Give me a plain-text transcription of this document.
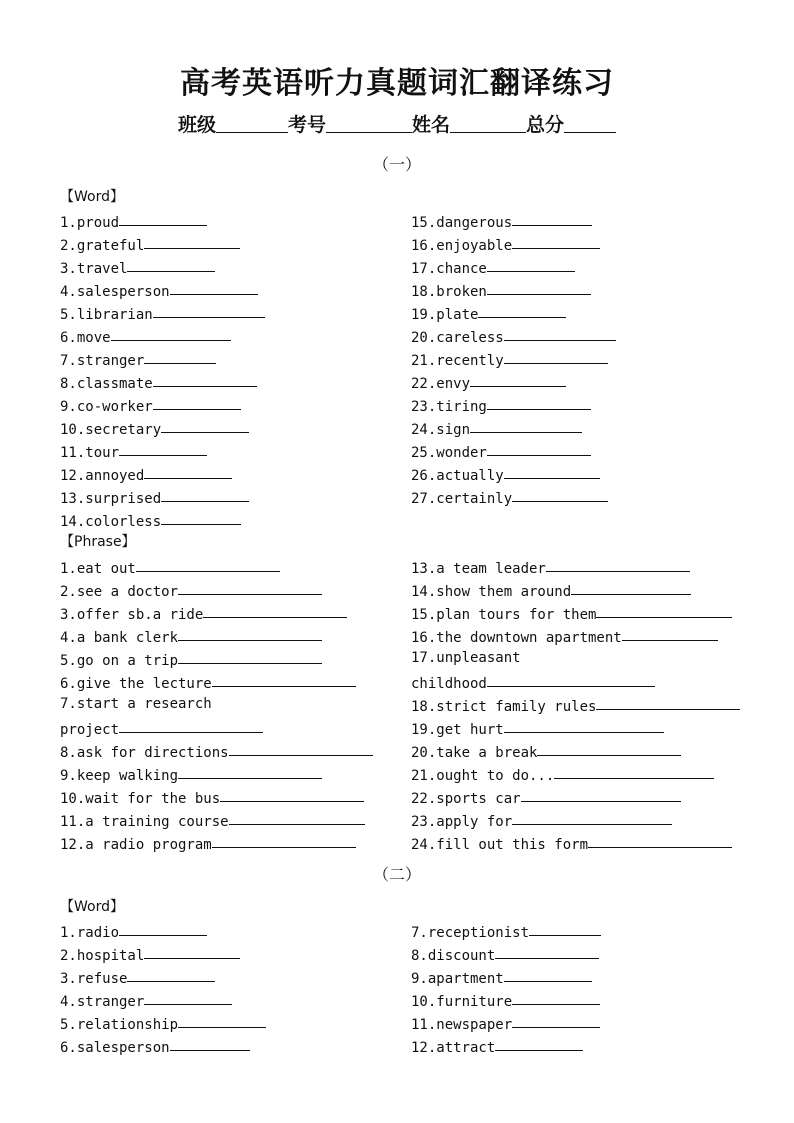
高考英语听力真题词汇翻译练习
班级	考号	姓名	总分
（一）
【Word】
1.proud
2.grateful
3.travel
4.salesperson
5.librarian
6.move
7.stranger
8.classmate
9.co-worker
10.secretary
11.tour
12.annoyed
13.surprised
14.colorless
15.dangerous
16.enjoyable
17.chance
18.broken
19.plate
20.careless
21.recently
22.envy
23.tiring
24.sign
25.wonder
26.actually
27.certainly
【Phrase】
1.eat out
2.see a doctor
3.offer sb.a ride
4.a bank clerk
5.go on a trip
6.give the lecture
7.start a research
project
8.ask for directions
9.keep walking
10.wait for the bus
11.a training course
12.a radio program
13.a team leader
14.show them around
15.plan tours for them
16.the downtown apartment
17.unpleasant
childhood
18.strict family rules
19.get hurt
20.take a break
21.ought to do...
22.sports car
23.apply for
24.fill out this form
（二）
【Word】
1.radio
2.hospital
3.refuse
4.stranger
5.relationship
6.salesperson
7.receptionist
8.discount
9.apartment
10.furniture
11.newspaper
12.attract
